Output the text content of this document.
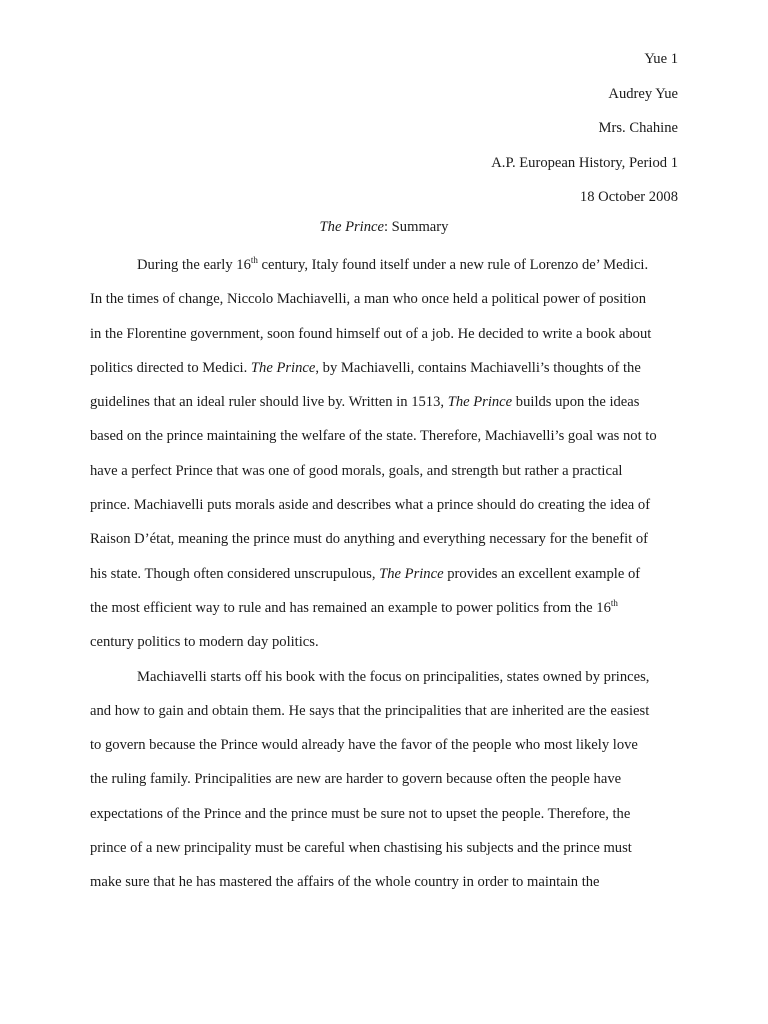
Yue 1
Audrey Yue
Mrs. Chahine
A.P. European History, Period 1
18 October 2008
The Prince: Summary
During the early 16th century, Italy found itself under a new rule of Lorenzo de’ Medici.
In the times of change, Niccolo Machiavelli, a man who once held a political power of position
in the Florentine government, soon found himself out of a job. He decided to write a book about
politics directed to Medici. The Prince, by Machiavelli, contains Machiavelli’s thoughts of the
guidelines that an ideal ruler should live by. Written in 1513, The Prince builds upon the ideas
based on the prince maintaining the welfare of the state. Therefore, Machiavelli’s goal was not to
have a perfect Prince that was one of good morals, goals, and strength but rather a practical
prince. Machiavelli puts morals aside and describes what a prince should do creating the idea of
Raison D’état, meaning the prince must do anything and everything necessary for the benefit of
his state. Though often considered unscrupulous, The Prince provides an excellent example of
the most efficient way to rule and has remained an example to power politics from the 16th
century politics to modern day politics.
Machiavelli starts off his book with the focus on principalities, states owned by princes,
and how to gain and obtain them. He says that the principalities that are inherited are the easiest
to govern because the Prince would already have the favor of the people who most likely love
the ruling family. Principalities are new are harder to govern because often the people have
expectations of the Prince and the prince must be sure not to upset the people. Therefore, the
prince of a new principality must be careful when chastising his subjects and the prince must
make sure that he has mastered the affairs of the whole country in order to maintain the
